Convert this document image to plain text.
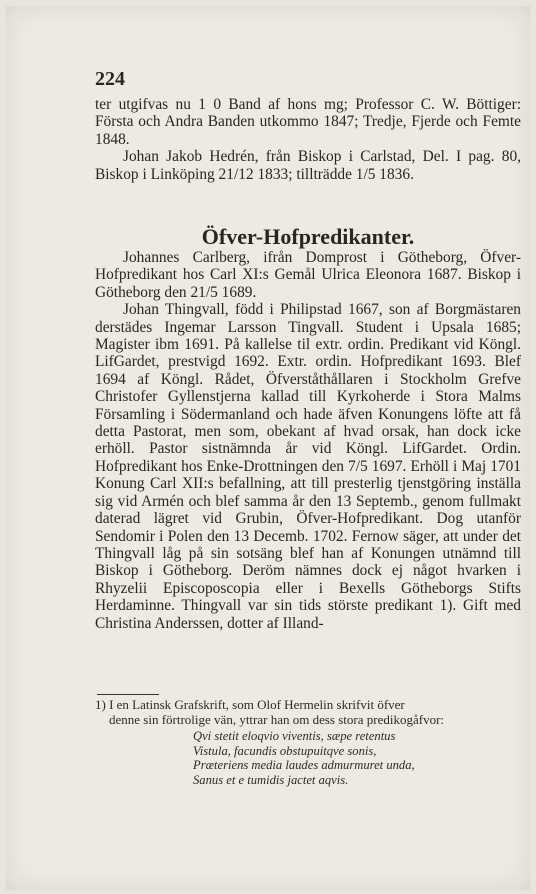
224

ter utgifvas nu 1 0 Band af hons mg; Professor C. W. Böttiger: Första och Andra Banden utkommo 1847; Tredje, Fjerde och Femte 1848.

Johan Jakob Hedrén, från Biskop i Carlstad, Del. I pag. 80, Biskop i Linköping 21/12 1833; tillträdde 1/5 1836.

Öfver-Hofpredikanter.

Johannes Carlberg, ifrån Domprost i Götheborg, Öfver-Hofpredikant hos Carl XI:s Gemål Ulrica Eleonora 1687. Biskop i Götheborg den 21/5 1689.

Johan Thingvall, född i Philipstad 1667, son af Borgmästaren derstädes Ingemar Larsson Tingvall. Student i Upsala 1685; Magister ibm 1691. På kallelse til extr. ordin. Predikant vid Köngl. LifGardet, prestvigd 1692. Extr. ordin. Hofpredikant 1693. Blef 1694 af Köngl. Rådet, Öfverståthållaren i Stockholm Grefve Christofer Gyllenstjerna kallad till Kyrkoherde i Stora Malms Församling i Södermanland och hade äfven Konungens löfte att få detta Pastorat, men som, obekant af hvad orsak, han dock icke erhöll. Pastor sistnämnda år vid Köngl. LifGardet. Ordin. Hofpredikant hos Enke-Drottningen den 7/5 1697. Erhöll i Maj 1701 Konung Carl XII:s befallning, att till presterlig tjenstgöring inställa sig vid Armén och blef samma år den 13 Septemb., genom fullmakt daterad lägret vid Grubin, Öfver-Hofpredikant. Dog utanför Sendomir i Polen den 13 Decemb. 1702. Fernow säger, att under det Thingvall låg på sin sotsäng blef han af Konungen utnämnd till Biskop i Götheborg. Deröm nämnes dock ej något hvarken i Rhyzelii Episcoposcopia eller i Bexells Götheborgs Stifts Herdaminne. Thingvall var sin tids störste predikant 1). Gift med Christina Anderssen, dotter af Illand-

1) I en Latinsk Grafskrift, som Olof Hermelin skrifvit öfver

denne sin förtrolige vän, yttrar han om dess stora predikogåfvor:

Qvi stetit eloqvio viventis, sæpe retentus
Vistula, facundis obstupuitqve sonis,
Præteriens media laudes admurmuret unda,
Sanus et e tumidis jactet aqvis.
